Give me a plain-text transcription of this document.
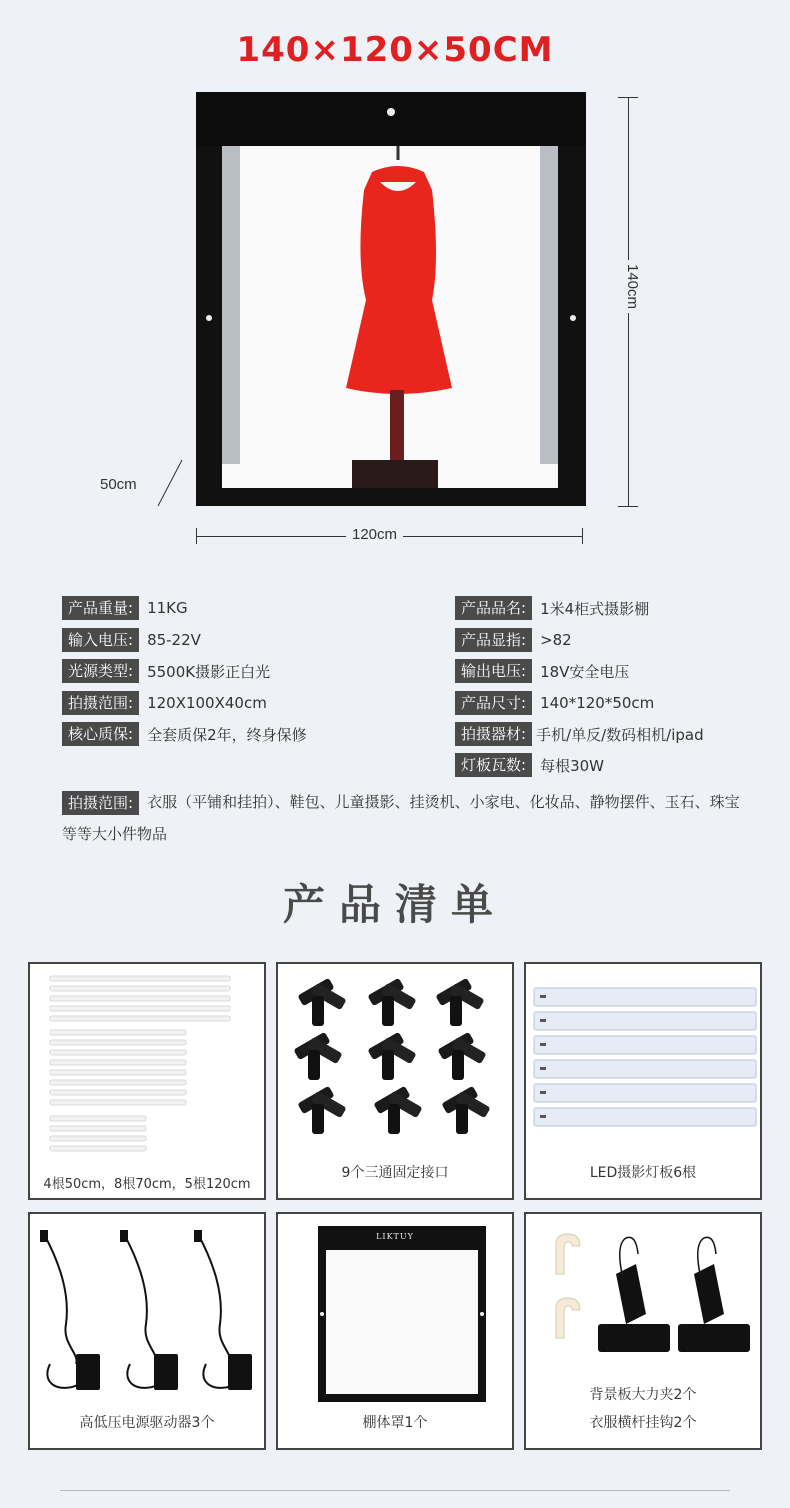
140×120×50CM
140cm
120cm
50cm
产品重量: 11KG
输入电压: 85-22V
光源类型: 5500K摄影正白光
拍摄范围: 120X100X40cm
核心质保: 全套质保2年，终身保修
产品品名: 1米4柜式摄影棚
产品显指: >82
输出电压: 18V安全电压
产品尺寸: 140*120*50cm
拍摄器材: 手机/单反/数码相机/ipad
灯板瓦数: 每根30W
拍摄范围: 衣服（平铺和挂拍）、鞋包、儿童摄影、挂烫机、小家电、化妆品、静物摆件、玉石、珠宝等等大小件物品
产品清单
4根50cm，8根70cm，5根120cm
9个三通固定接口	LED摄影灯板6根
高低压电源驱动器3个
LIKTUY
棚体罩1个
背景板大力夹2个
衣服横杆挂钩2个
